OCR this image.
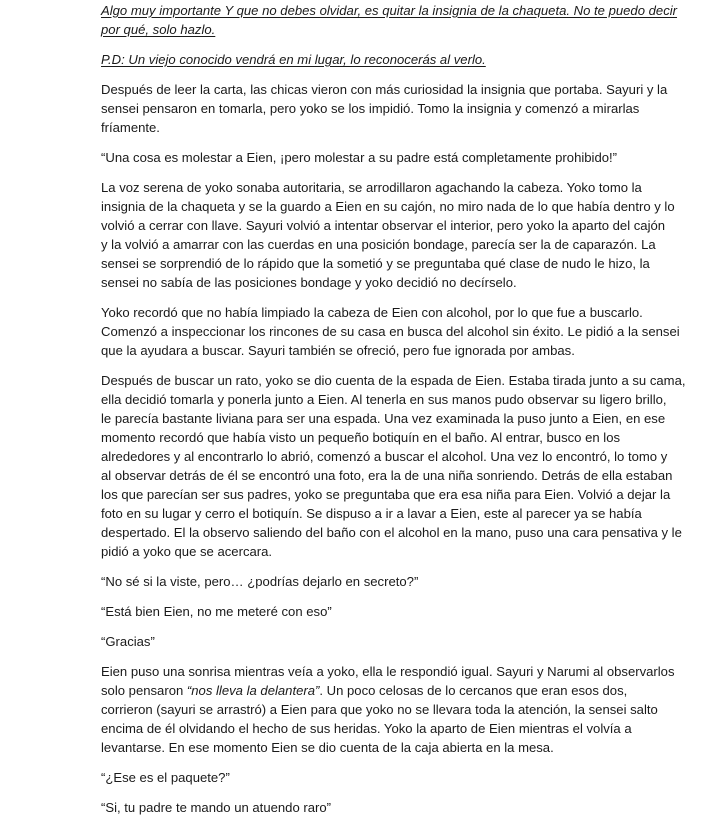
Algo muy importante Y que no debes olvidar, es quitar la insignia de la chaqueta. No te puedo decir
por qué, solo hazlo.
P.D: Un viejo conocido vendrá en mi lugar, lo reconocerás al verlo.
Después de leer la carta, las chicas vieron con más curiosidad la insignia que portaba. Sayuri y la
sensei pensaron en tomarla, pero yoko se los impidió. Tomo la insignia y comenzó a mirarlas
fríamente.
“Una cosa es molestar a Eien, ¡pero molestar a su padre está completamente prohibido!”
La voz serena de yoko sonaba autoritaria, se arrodillaron agachando la cabeza. Yoko tomo la
insignia de la chaqueta y se la guardo a Eien en su cajón, no miro nada de lo que había dentro y lo
volvió a cerrar con llave. Sayuri volvió a intentar observar el interior, pero yoko la aparto del cajón
y la volvió a amarrar con las cuerdas en una posición bondage, parecía ser la de caparazón. La
sensei se sorprendió de lo rápido que la sometió y se preguntaba qué clase de nudo le hizo, la
sensei no sabía de las posiciones bondage y yoko decidió no decírselo.
Yoko recordó que no había limpiado la cabeza de Eien con alcohol, por lo que fue a buscarlo.
Comenzó a inspeccionar los rincones de su casa en busca del alcohol sin éxito. Le pidió a la sensei
que la ayudara a buscar. Sayuri también se ofreció, pero fue ignorada por ambas.
Después de buscar un rato, yoko se dio cuenta de la espada de Eien. Estaba tirada junto a su cama,
ella decidió tomarla y ponerla junto a Eien. Al tenerla en sus manos pudo observar su ligero brillo,
le parecía bastante liviana para ser una espada. Una vez examinada la puso junto a Eien, en ese
momento recordó que había visto un pequeño botiquín en el baño. Al entrar, busco en los
alrededores y al encontrarlo lo abrió, comenzó a buscar el alcohol. Una vez lo encontró, lo tomo y
al observar detrás de él se encontró una foto, era la de una niña sonriendo. Detrás de ella estaban
los que parecían ser sus padres, yoko se preguntaba que era esa niña para Eien. Volvió a dejar la
foto en su lugar y cerro el botiquín. Se dispuso a ir a lavar a Eien, este al parecer ya se había
despertado. El la observo saliendo del baño con el alcohol en la mano, puso una cara pensativa y le
pidió a yoko que se acercara.
“No sé si la viste, pero… ¿podrías dejarlo en secreto?”
“Está bien Eien, no me meteré con eso”
“Gracias”
Eien puso una sonrisa mientras veía a yoko, ella le respondió igual. Sayuri y Narumi al observarlos
solo pensaron “nos lleva la delantera”. Un poco celosas de lo cercanos que eran esos dos,
corrieron (sayuri se arrastró) a Eien para que yoko no se llevara toda la atención, la sensei salto
encima de él olvidando el hecho de sus heridas. Yoko la aparto de Eien mientras el volvía a
levantarse. En ese momento Eien se dio cuenta de la caja abierta en la mesa.
“¿Ese es el paquete?”
“Si, tu padre te mando un atuendo raro”
